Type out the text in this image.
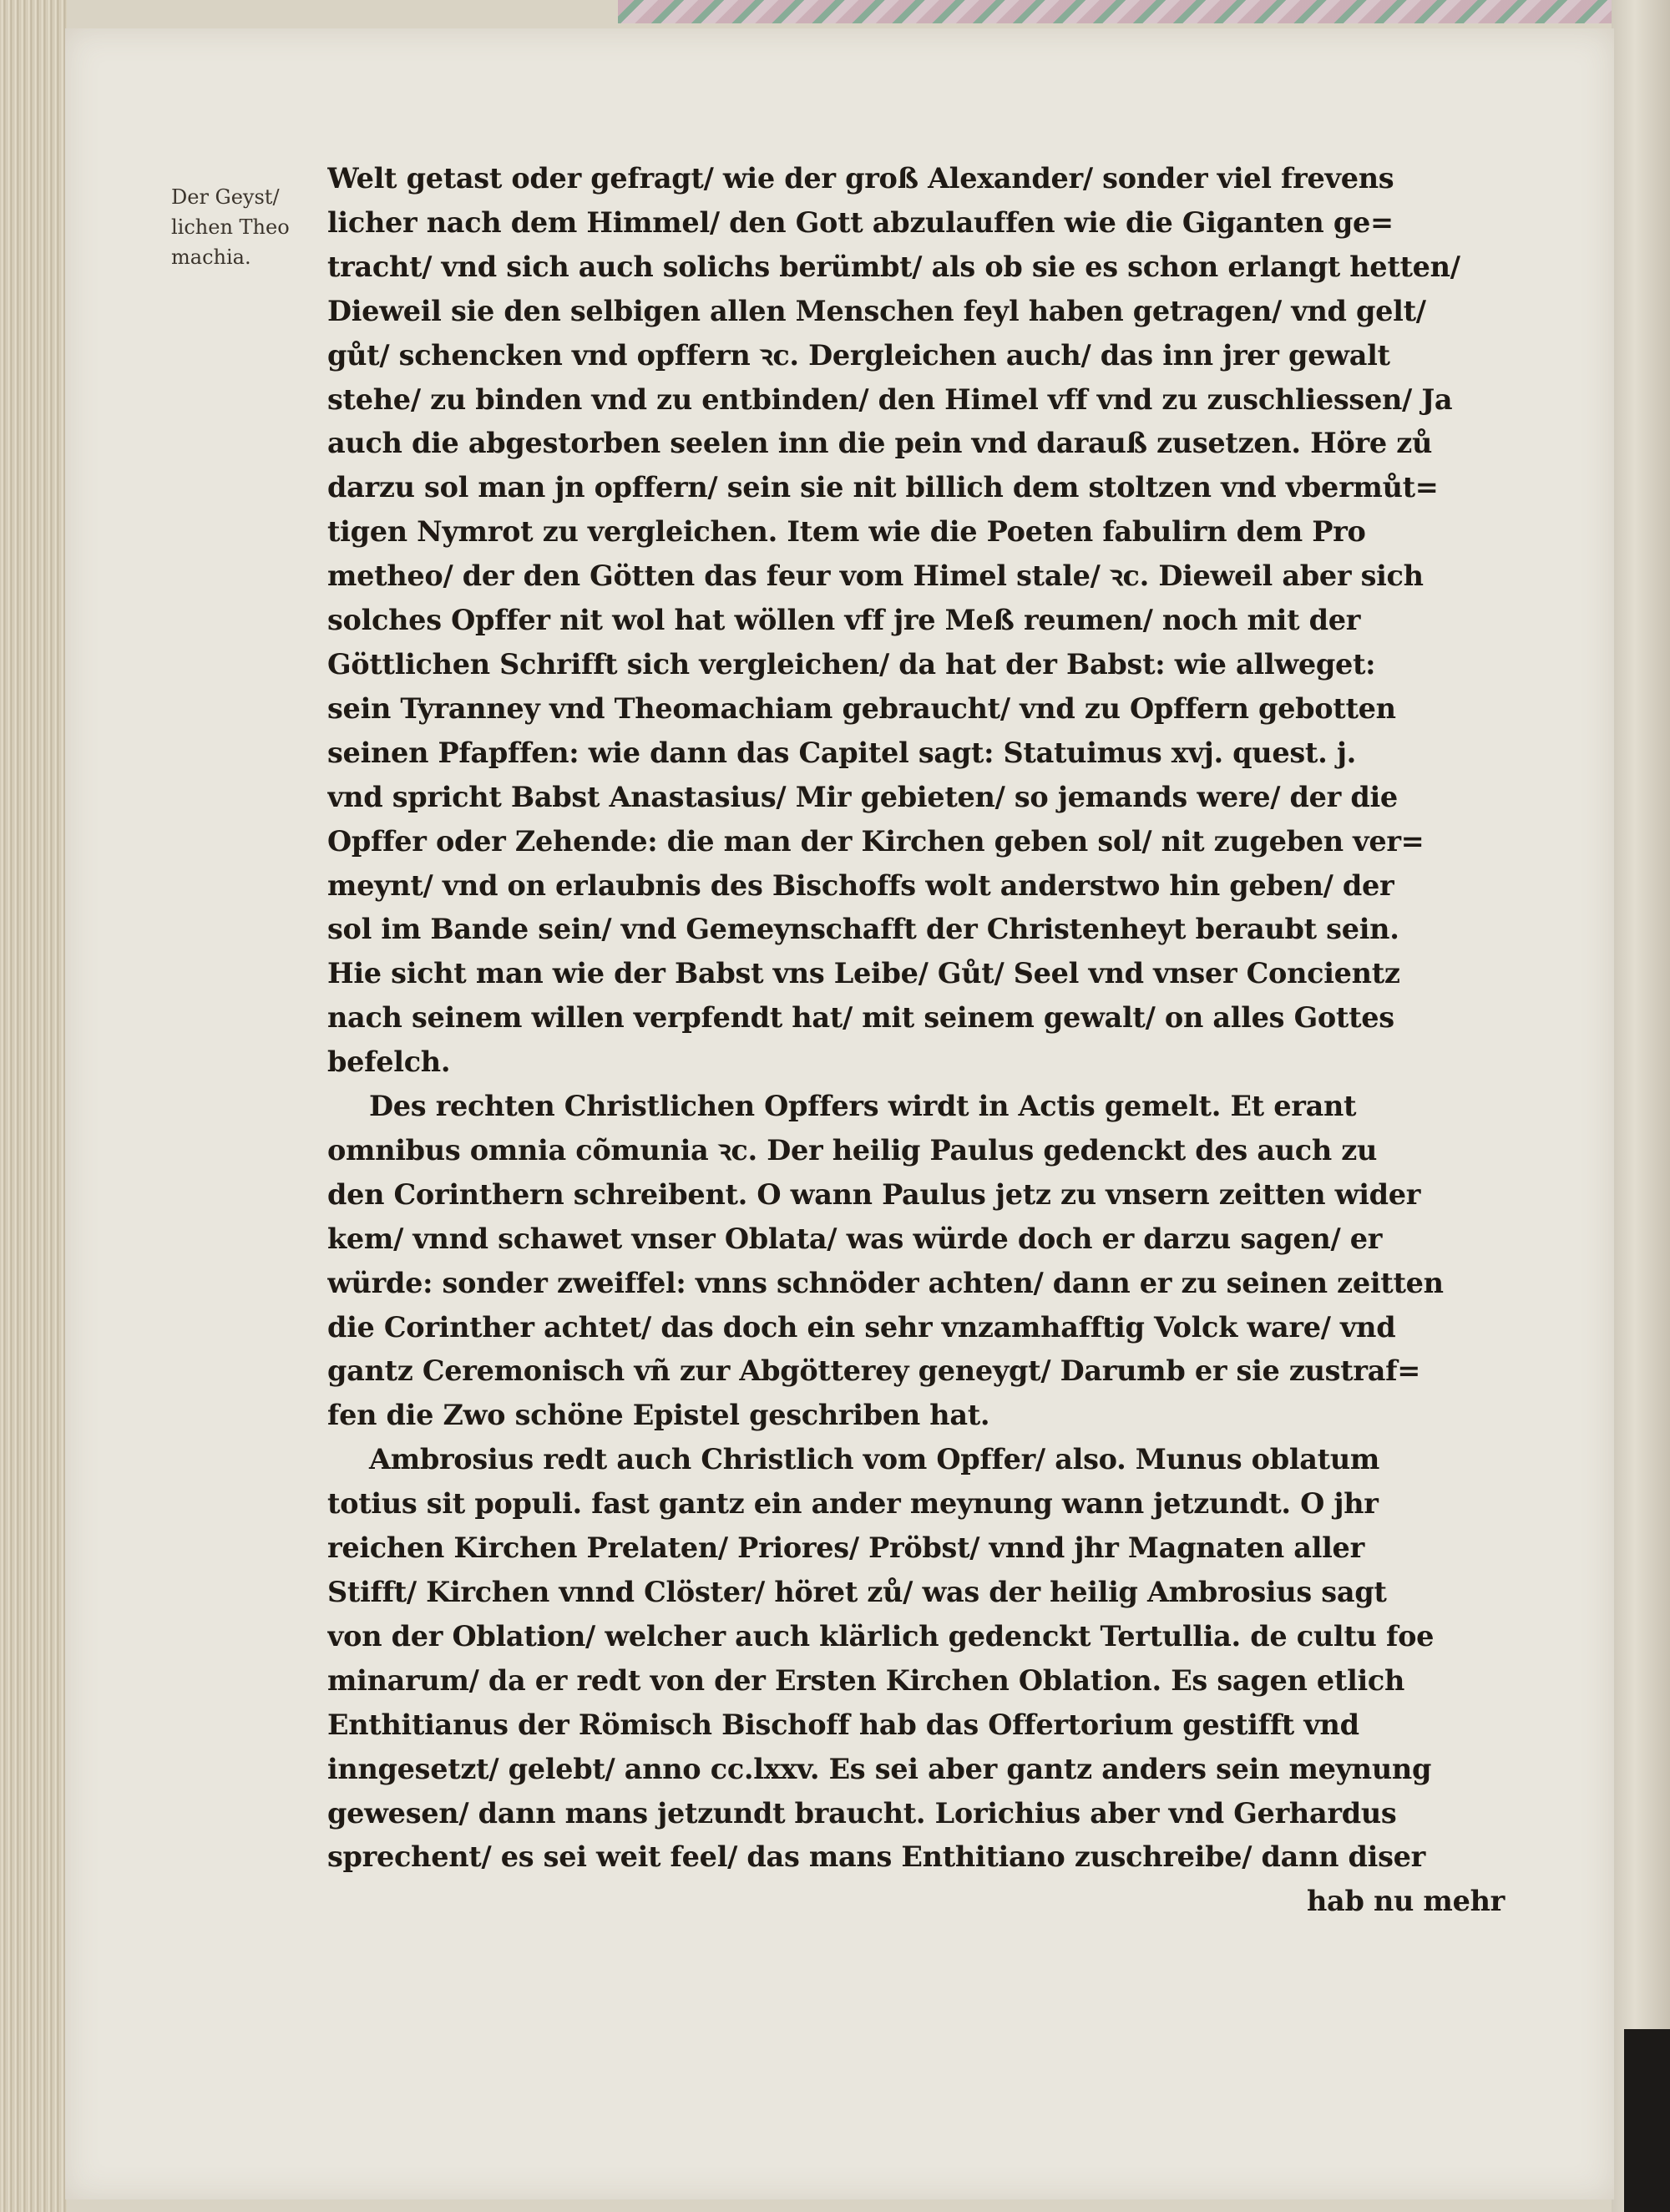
Der Geyst/
lichen Theo
machia.
Welt getast oder gefragt/ wie der groß Alexander/ sonder viel frevens
licher nach dem Himmel/ den Gott abzulauffen wie die Giganten ge=
tracht/ vnd sich auch solichs berümbt/ als ob sie es schon erlangt hetten/
Dieweil sie den selbigen allen Menschen feyl haben getragen/ vnd gelt/
gůt/ schencken vnd opffern ꝛc. Dergleichen auch/ das inn jrer gewalt
stehe/ zu binden vnd zu entbinden/ den Himel vff vnd zu zuschliessen/ Ja
auch die abgestorben seelen inn die pein vnd darauß zusetzen. Höre zů
darzu sol man jn opffern/ sein sie nit billich dem stoltzen vnd vbermůt=
tigen Nymrot zu vergleichen. Item wie die Poeten fabulirn dem Pro
metheo/ der den Götten das feur vom Himel stale/ ꝛc. Dieweil aber sich
solches Opffer nit wol hat wöllen vff jre Meß reumen/ noch mit der
Göttlichen Schrifft sich vergleichen/ da hat der Babst: wie allweget:
sein Tyranney vnd Theomachiam gebraucht/ vnd zu Opffern gebotten
seinen Pfapffen: wie dann das Capitel sagt: Statuimus xvj. quest. j.
vnd spricht Babst Anastasius/ Mir gebieten/ so jemands were/ der die
Opffer oder Zehende: die man der Kirchen geben sol/ nit zugeben ver=
meynt/ vnd on erlaubnis des Bischoffs wolt anderstwo hin geben/ der
sol im Bande sein/ vnd Gemeynschafft der Christenheyt beraubt sein.
Hie sicht man wie der Babst vns Leibe/ Gůt/ Seel vnd vnser Concientz
nach seinem willen verpfendt hat/ mit seinem gewalt/ on alles Gottes
befelch.
Des rechten Christlichen Opffers wirdt in Actis gemelt. Et erant
omnibus omnia cõmunia ꝛc. Der heilig Paulus gedenckt des auch zu
den Corinthern schreibent. O wann Paulus jetz zu vnsern zeitten wider
kem/ vnnd schawet vnser Oblata/ was würde doch er darzu sagen/ er
würde: sonder zweiffel: vnns schnöder achten/ dann er zu seinen zeitten
die Corinther achtet/ das doch ein sehr vnzamhafftig Volck ware/ vnd
gantz Ceremonisch vñ zur Abgötterey geneygt/ Darumb er sie zustraf=
fen die Zwo schöne Epistel geschriben hat.
Ambrosius redt auch Christlich vom Opffer/ also. Munus oblatum
totius sit populi. fast gantz ein ander meynung wann jetzundt. O jhr
reichen Kirchen Prelaten/ Priores/ Pröbst/ vnnd jhr Magnaten aller
Stifft/ Kirchen vnnd Clöster/ höret zů/ was der heilig Ambrosius sagt
von der Oblation/ welcher auch klärlich gedenckt Tertullia. de cultu foe
minarum/ da er redt von der Ersten Kirchen Oblation. Es sagen etlich
Enthitianus der Römisch Bischoff hab das Offertorium gestifft vnd
inngesetzt/ gelebt/ anno cc.lxxv. Es sei aber gantz anders sein meynung
gewesen/ dann mans jetzundt braucht. Lorichius aber vnd Gerhardus
sprechent/ es sei weit feel/ das mans Enthitiano zuschreibe/ dann diser
hab nu mehr
